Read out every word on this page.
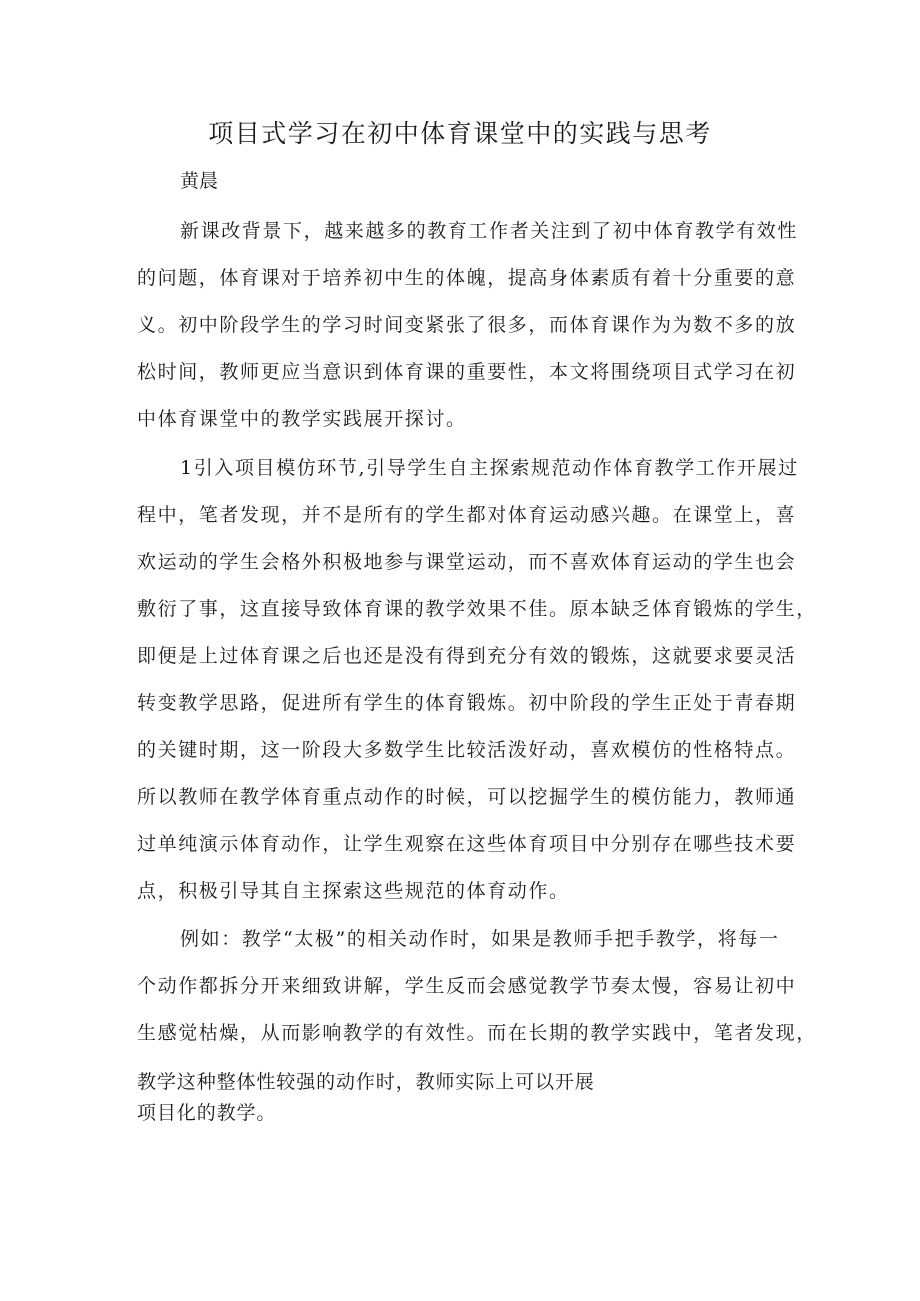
项目式学习在初中体育课堂中的实践与思考
黄晨
新课改背景下，越来越多的教育工作者关注到了初中体育教学有效性
的问题，体育课对于培养初中生的体魄，提高身体素质有着十分重要的意
义。初中阶段学生的学习时间变紧张了很多，而体育课作为为数不多的放
松时间，教师更应当意识到体育课的重要性，本文将围绕项目式学习在初
中体育课堂中的教学实践展开探讨。
1引入项目模仿环节,引导学生自主探索规范动作体育教学工作开展过
程中，笔者发现，并不是所有的学生都对体育运动感兴趣。在课堂上，喜
欢运动的学生会格外积极地参与课堂运动，而不喜欢体育运动的学生也会
敷衍了事，这直接导致体育课的教学效果不佳。原本缺乏体育锻炼的学生，
即便是上过体育课之后也还是没有得到充分有效的锻炼，这就要求要灵活
转变教学思路，促进所有学生的体育锻炼。初中阶段的学生正处于青春期
的关键时期，这一阶段大多数学生比较活泼好动，喜欢模仿的性格特点。
所以教师在教学体育重点动作的时候，可以挖掘学生的模仿能力，教师通
过单纯演示体育动作，让学生观察在这些体育项目中分别存在哪些技术要
点，积极引导其自主探索这些规范的体育动作。
例如：教学“太极”的相关动作时，如果是教师手把手教学，将每一
个动作都拆分开来细致讲解，学生反而会感觉教学节奏太慢，容易让初中
生感觉枯燥，从而影响教学的有效性。而在长期的教学实践中，笔者发现，
教学这种整体性较强的动作时，教师实际上可以开展
项目化的教学。
